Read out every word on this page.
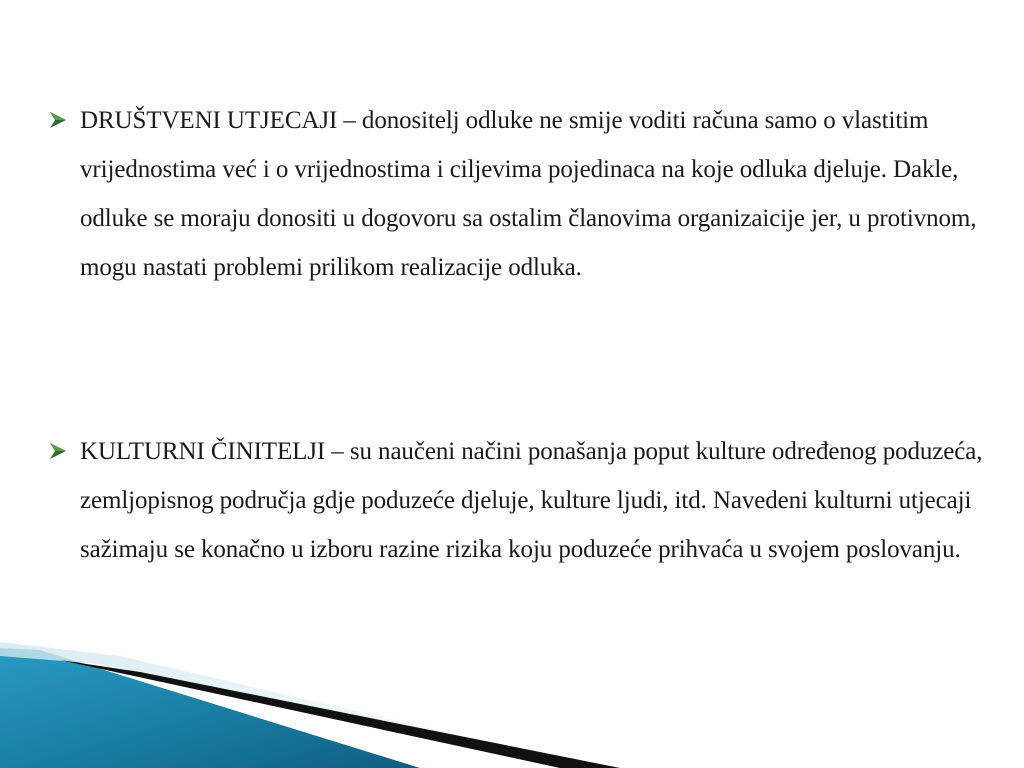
DRUŠTVENI UTJECAJI – donositelj odluke ne smije voditi računa samo o vlastitim vrijednostima već i o vrijednostima i ciljevima pojedinaca na koje odluka djeluje. Dakle, odluke se moraju donositi u dogovoru sa ostalim članovima organizaicije jer, u protivnom, mogu nastati problemi prilikom realizacije odluka.
KULTURNI ČINITELJI – su naučeni načini ponašanja poput kulture određenog poduzeća, zemljopisnog područja gdje poduzeće djeluje, kulture ljudi, itd. Navedeni kulturni utjecaji sažimaju se konačno u izboru razine rizika koju poduzeće prihvaća u svojem poslovanju.
